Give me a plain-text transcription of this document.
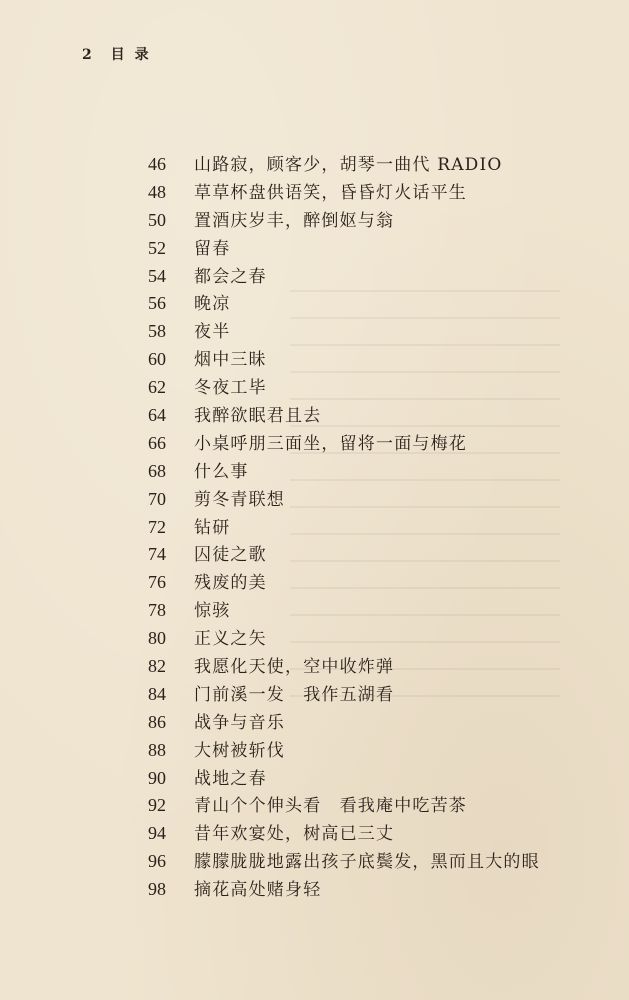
2 目录
46 山路寂，顾客少，胡琴一曲代 RADIO
48 草草杯盘供语笑，昏昏灯火话平生
50 置酒庆岁丰，醉倒妪与翁
52 留春
54 都会之春
56 晚凉
58 夜半
60 烟中三昧
62 冬夜工毕
64 我醉欲眠君且去
66 小桌呼朋三面坐，留将一面与梅花
68 什么事
70 剪冬青联想
72 钻研
74 囚徒之歌
76 残废的美
78 惊骇
80 正义之矢
82 我愿化天使，空中收炸弹
84 门前溪一发　我作五湖看
86 战争与音乐
88 大树被斩伐
90 战地之春
92 青山个个伸头看　看我庵中吃苦茶
94 昔年欢宴处，树高已三丈
96 朦朦胧胧地露出孩子底鬓发，黑而且大的眼
98 摘花高处赌身轻
